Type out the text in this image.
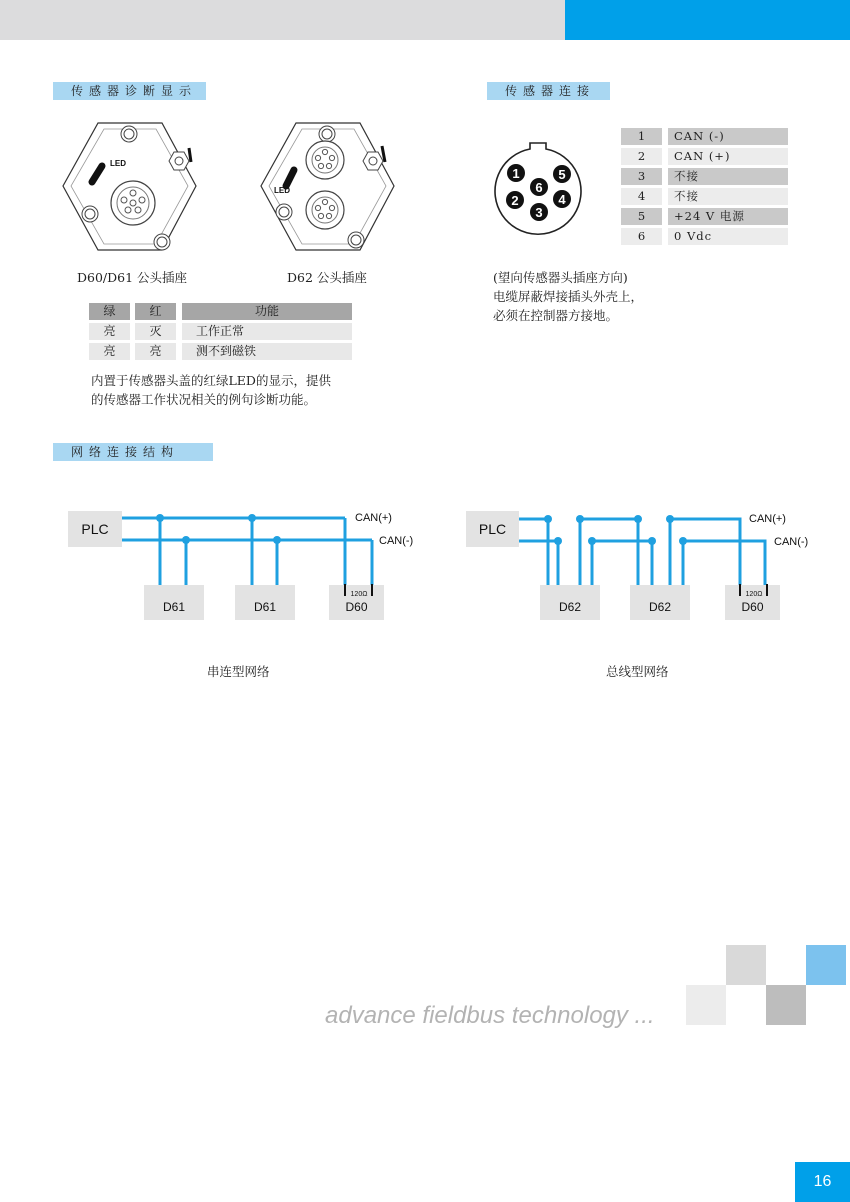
传感器诊断显示	传感器连接
网络连接结构
LED
LED
D60/D61 公头插座	D62 公头插座
绿	红	功能
亮	灭	工作正常
亮	亮	测不到磁铁
内置于传感器头盖的红绿LED的显示，提供
的传感器工作状况相关的例句诊断功能。
1
2
3
4
5
6
1	CAN (-)
2	CAN (+)
3	不接
4	不接
5	+24 V 电源
6	0 Vdc
(望向传感器头插座方向)
电缆屏蔽焊接插头外壳上，
必须在控制器方接地。
PLC
D61	D61	D60
120Ω
CAN(+)
CAN(-)
串连型网络
PLC
D62	D62	D60
120Ω
CAN(+)
CAN(-)
总线型网络
advance fieldbus technology ...
16
